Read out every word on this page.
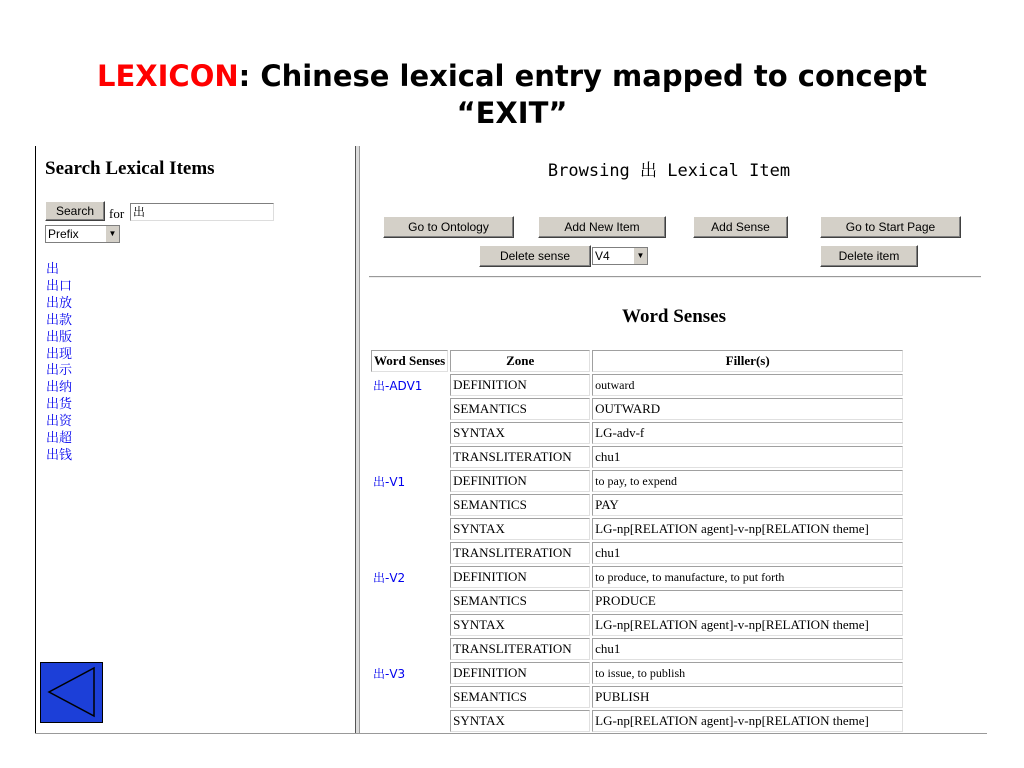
LEXICON: Chinese lexical entry mapped to concept
“EXIT”
Search Lexical Items
Search	for 出
Prefix	▼
出
出口
出放
出款
出版
出现
出示
出纳
出货
出资
出超
出钱
Browsing 出 Lexical Item
Go to Ontology	Add New Item	Add Sense	Go to Start Page
Delete sense	V4	▼	Delete item
Word Senses
Word Senses	Zone	Filler(s)
出-ADV1	DEFINITION	outward
	SEMANTICS	OUTWARD
	SYNTAX	LG-adv-f
	TRANSLITERATION	chu1
出-V1	DEFINITION	to pay, to expend
	SEMANTICS	PAY
	SYNTAX	LG-np[RELATION agent]-v-np[RELATION theme]
	TRANSLITERATION	chu1
出-V2	DEFINITION	to produce, to manufacture, to put forth
	SEMANTICS	PRODUCE
	SYNTAX	LG-np[RELATION agent]-v-np[RELATION theme]
	TRANSLITERATION	chu1
出-V3	DEFINITION	to issue, to publish
	SEMANTICS	PUBLISH
	SYNTAX	LG-np[RELATION agent]-v-np[RELATION theme]
